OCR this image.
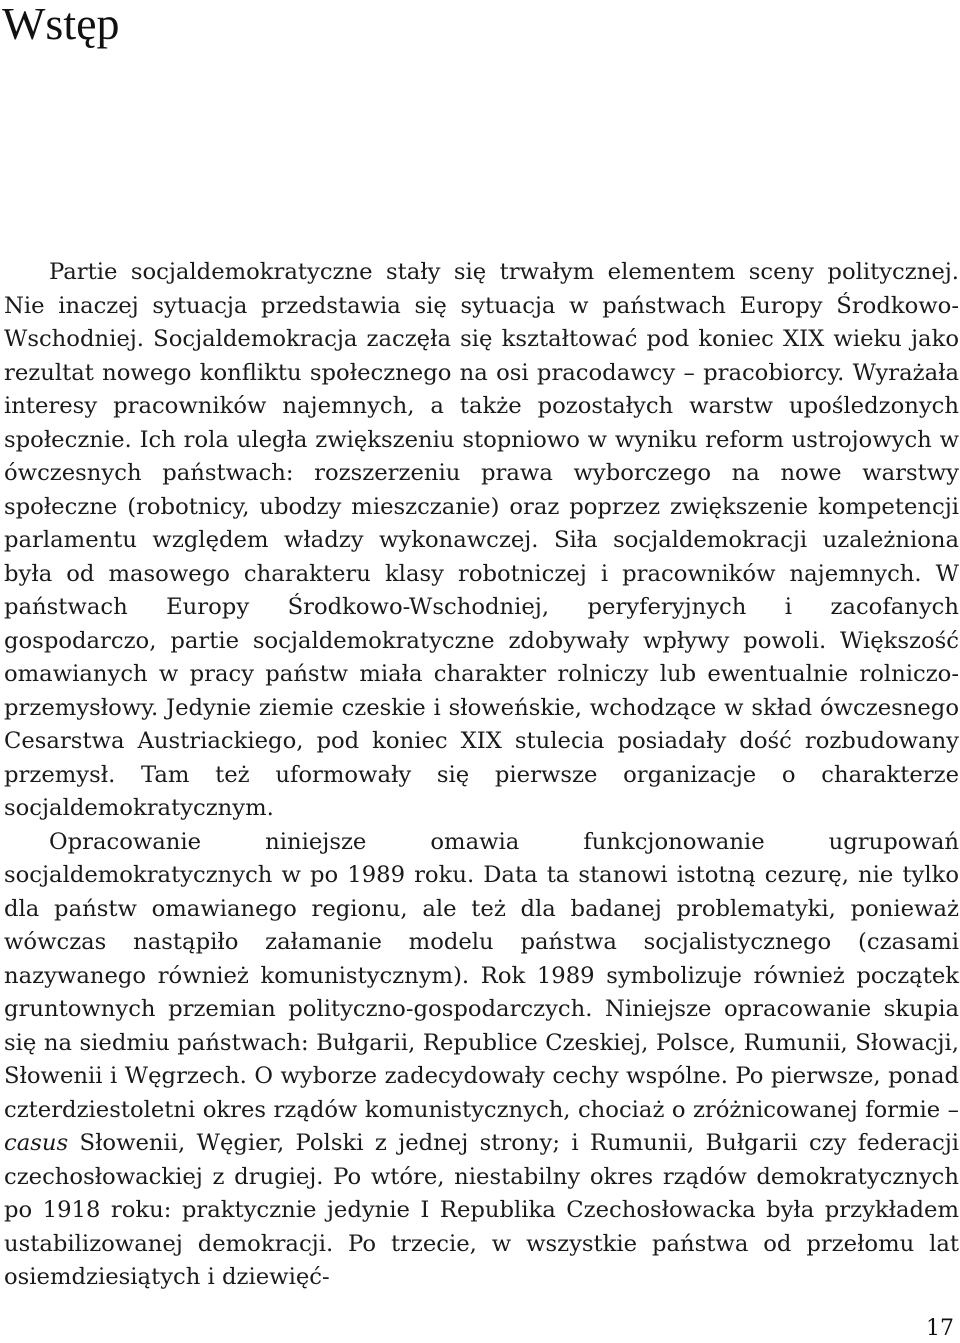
Wstęp

Partie socjaldemokratyczne stały się trwałym elementem sceny politycznej. Nie inaczej sytuacja przedstawia się sytuacja w państwach Europy Środkowo-Wschodniej. Socjaldemokracja zaczęła się kształtować pod koniec XIX wieku jako rezultat nowego konfliktu społecznego na osi pracodawcy – pracobiorcy. Wyrażała interesy pracowników najemnych, a także pozostałych warstw upośledzonych społecznie. Ich rola uległa zwiększeniu stopniowo w wyniku reform ustrojowych w ówczesnych państwach: rozszerzeniu prawa wyborczego na nowe warstwy społeczne (robotnicy, ubodzy mieszczanie) oraz poprzez zwiększenie kompetencji parlamentu względem władzy wykonawczej. Siła socjaldemokracji uzależniona była od masowego charakteru klasy robotniczej i pracowników najemnych. W państwach Europy Środkowo-Wschodniej, peryferyjnych i zacofanych gospodarczo, partie socjaldemokratyczne zdobywały wpływy powoli. Większość omawianych w pracy państw miała charakter rolniczy lub ewentualnie rolniczo-przemysłowy. Jedynie ziemie czeskie i słoweńskie, wchodzące w skład ówczesnego Cesarstwa Austriackiego, pod koniec XIX stulecia posiadały dość rozbudowany przemysł. Tam też uformowały się pierwsze organizacje o charakterze socjaldemokratycznym.

Opracowanie niniejsze omawia funkcjonowanie ugrupowań socjaldemokratycznych w po 1989 roku. Data ta stanowi istotną cezurę, nie tylko dla państw omawianego regionu, ale też dla badanej problematyki, ponieważ wówczas nastąpiło załamanie modelu państwa socjalistycznego (czasami nazywanego również komunistycznym). Rok 1989 symbolizuje również początek gruntownych przemian polityczno-gospodarczych. Niniejsze opracowanie skupia się na siedmiu państwach: Bułgarii, Republice Czeskiej, Polsce, Rumunii, Słowacji, Słowenii i Węgrzech. O wyborze zadecydowały cechy wspólne. Po pierwsze, ponad czterdziestoletni okres rządów komunistycznych, chociaż o zróżnicowanej formie – casus Słowenii, Węgier, Polski z jednej strony; i Rumunii, Bułgarii czy federacji czechosłowackiej z drugiej. Po wtóre, niestabilny okres rządów demokratycznych po 1918 roku: praktycznie jedynie I Republika Czechosłowacka była przykładem ustabilizowanej demokracji. Po trzecie, w wszystkie państwa od przełomu lat osiemdziesiątych i dziewięć-

17
